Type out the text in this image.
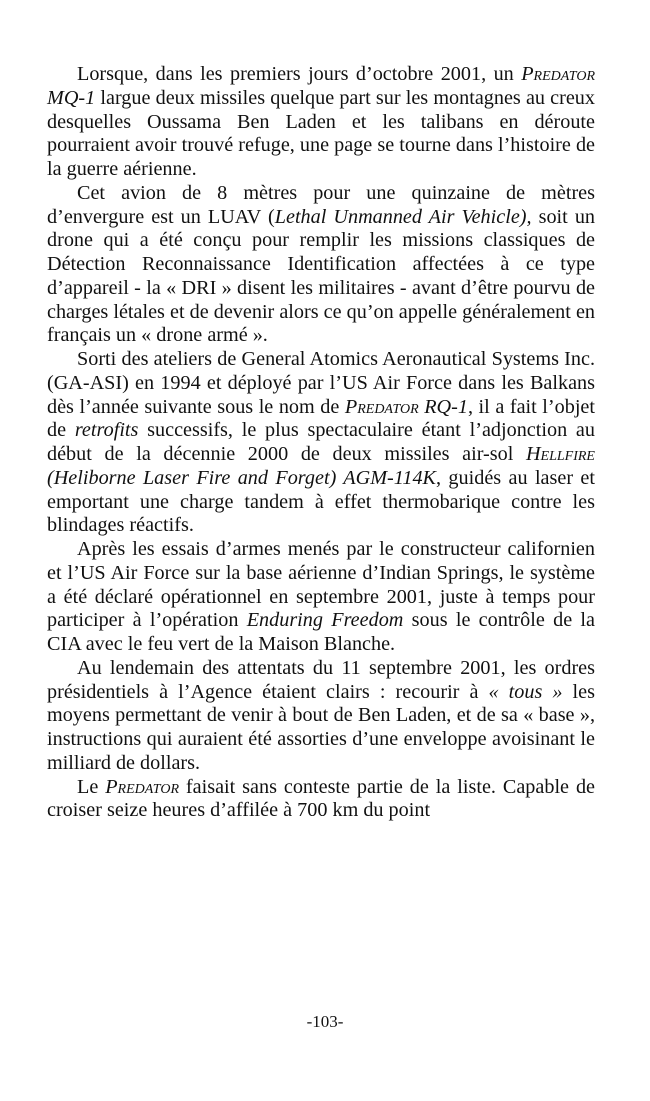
Lorsque, dans les premiers jours d’octobre 2001, un Predator MQ-1 largue deux missiles quelque part sur les montagnes au creux desquelles Oussama Ben Laden et les talibans en déroute pourraient avoir trouvé refuge, une page se tourne dans l’histoire de la guerre aérienne.

Cet avion de 8 mètres pour une quinzaine de mètres d’envergure est un LUAV (Lethal Unmanned Air Vehicle), soit un drone qui a été conçu pour remplir les missions classiques de Détection Reconnaissance Identification affectées à ce type d’appareil - la « DRI » disent les militaires - avant d’être pourvu de charges létales et de devenir alors ce qu’on appelle généralement en français un « drone armé ».

Sorti des ateliers de General Atomics Aeronautical Systems Inc. (GA-ASI) en 1994 et déployé par l’US Air Force dans les Balkans dès l’année suivante sous le nom de Predator RQ-1, il a fait l’objet de retrofits successifs, le plus spectaculaire étant l’adjonction au début de la décennie 2000 de deux missiles air-sol Hellfire (Heliborne Laser Fire and Forget) AGM-114K, guidés au laser et emportant une charge tandem à effet thermobarique contre les blindages réactifs.

Après les essais d’armes menés par le constructeur californien et l’US Air Force sur la base aérienne d’Indian Springs, le système a été déclaré opérationnel en septembre 2001, juste à temps pour participer à l’opération Enduring Freedom sous le contrôle de la CIA avec le feu vert de la Maison Blanche.

Au lendemain des attentats du 11 septembre 2001, les ordres présidentiels à l’Agence étaient clairs : recourir à « tous » les moyens permettant de venir à bout de Ben Laden, et de sa « base », instructions qui auraient été assorties d’une enveloppe avoisinant le milliard de dollars.

Le Predator faisait sans conteste partie de la liste. Capable de croiser seize heures d’affilée à 700 km du point

-103-
